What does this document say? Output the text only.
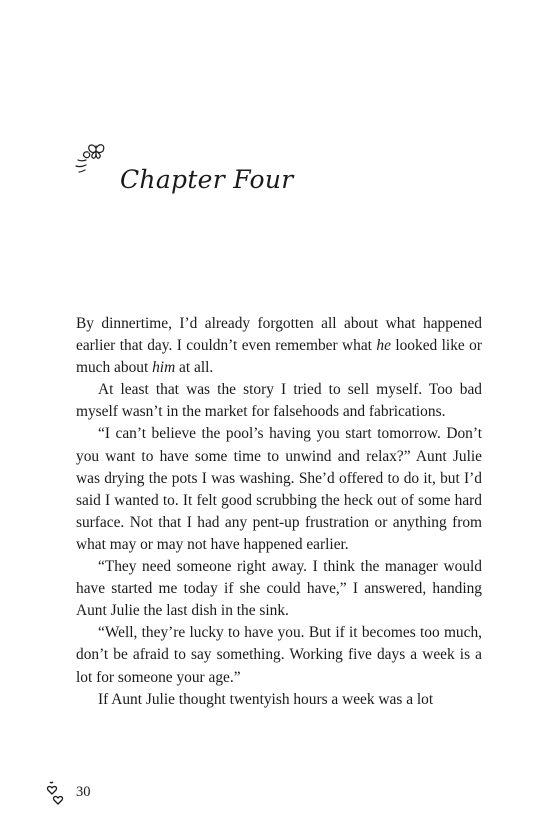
Chapter Four

By dinnertime, I’d already forgotten all about what happened earlier that day. I couldn’t even remember what he looked like or much about him at all.

At least that was the story I tried to sell myself. Too bad myself wasn’t in the market for falsehoods and fabrications.

“I can’t believe the pool’s having you start tomorrow. Don’t you want to have some time to unwind and relax?” Aunt Julie was drying the pots I was washing. She’d offered to do it, but I’d said I wanted to. It felt good scrubbing the heck out of some hard surface. Not that I had any pent-up frustration or anything from what may or may not have happened earlier.

“They need someone right away. I think the manager would have started me today if she could have,” I answered, handing Aunt Julie the last dish in the sink.

“Well, they’re lucky to have you. But if it becomes too much, don’t be afraid to say something. Working five days a week is a lot for someone your age.”

If Aunt Julie thought twentyish hours a week was a lot

30
